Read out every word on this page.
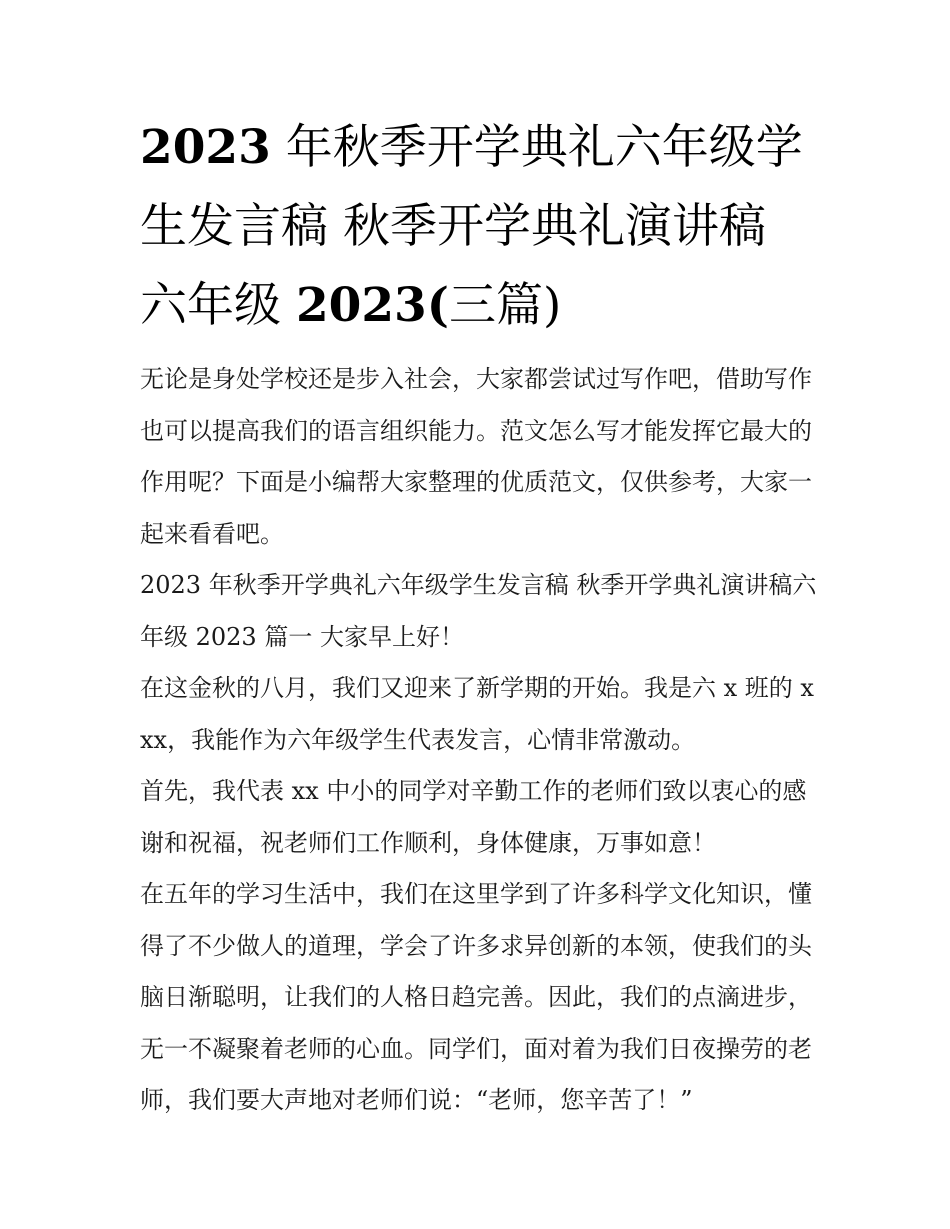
2023 年秋季开学典礼六年级学
生发言稿 秋季开学典礼演讲稿
六年级 2023(三篇)

无论是身处学校还是步入社会，大家都尝试过写作吧，借助写作也可以提高我们的语言组织能力。范文怎么写才能发挥它最大的作用呢？下面是小编帮大家整理的优质范文，仅供参考，大家一起来看看吧。

2023 年秋季开学典礼六年级学生发言稿 秋季开学典礼演讲稿六年级 2023 篇一 大家早上好！

在这金秋的八月，我们又迎来了新学期的开始。我是六 x 班的 xxx，我能作为六年级学生代表发言，心情非常激动。

首先，我代表 xx 中小的同学对辛勤工作的老师们致以衷心的感谢和祝福，祝老师们工作顺利，身体健康，万事如意！

在五年的学习生活中，我们在这里学到了许多科学文化知识，懂得了不少做人的道理，学会了许多求异创新的本领，使我们的头脑日渐聪明，让我们的人格日趋完善。因此，我们的点滴进步，无一不凝聚着老师的心血。同学们，面对着为我们日夜操劳的老师，我们要大声地对老师们说：“老师，您辛苦了！”
